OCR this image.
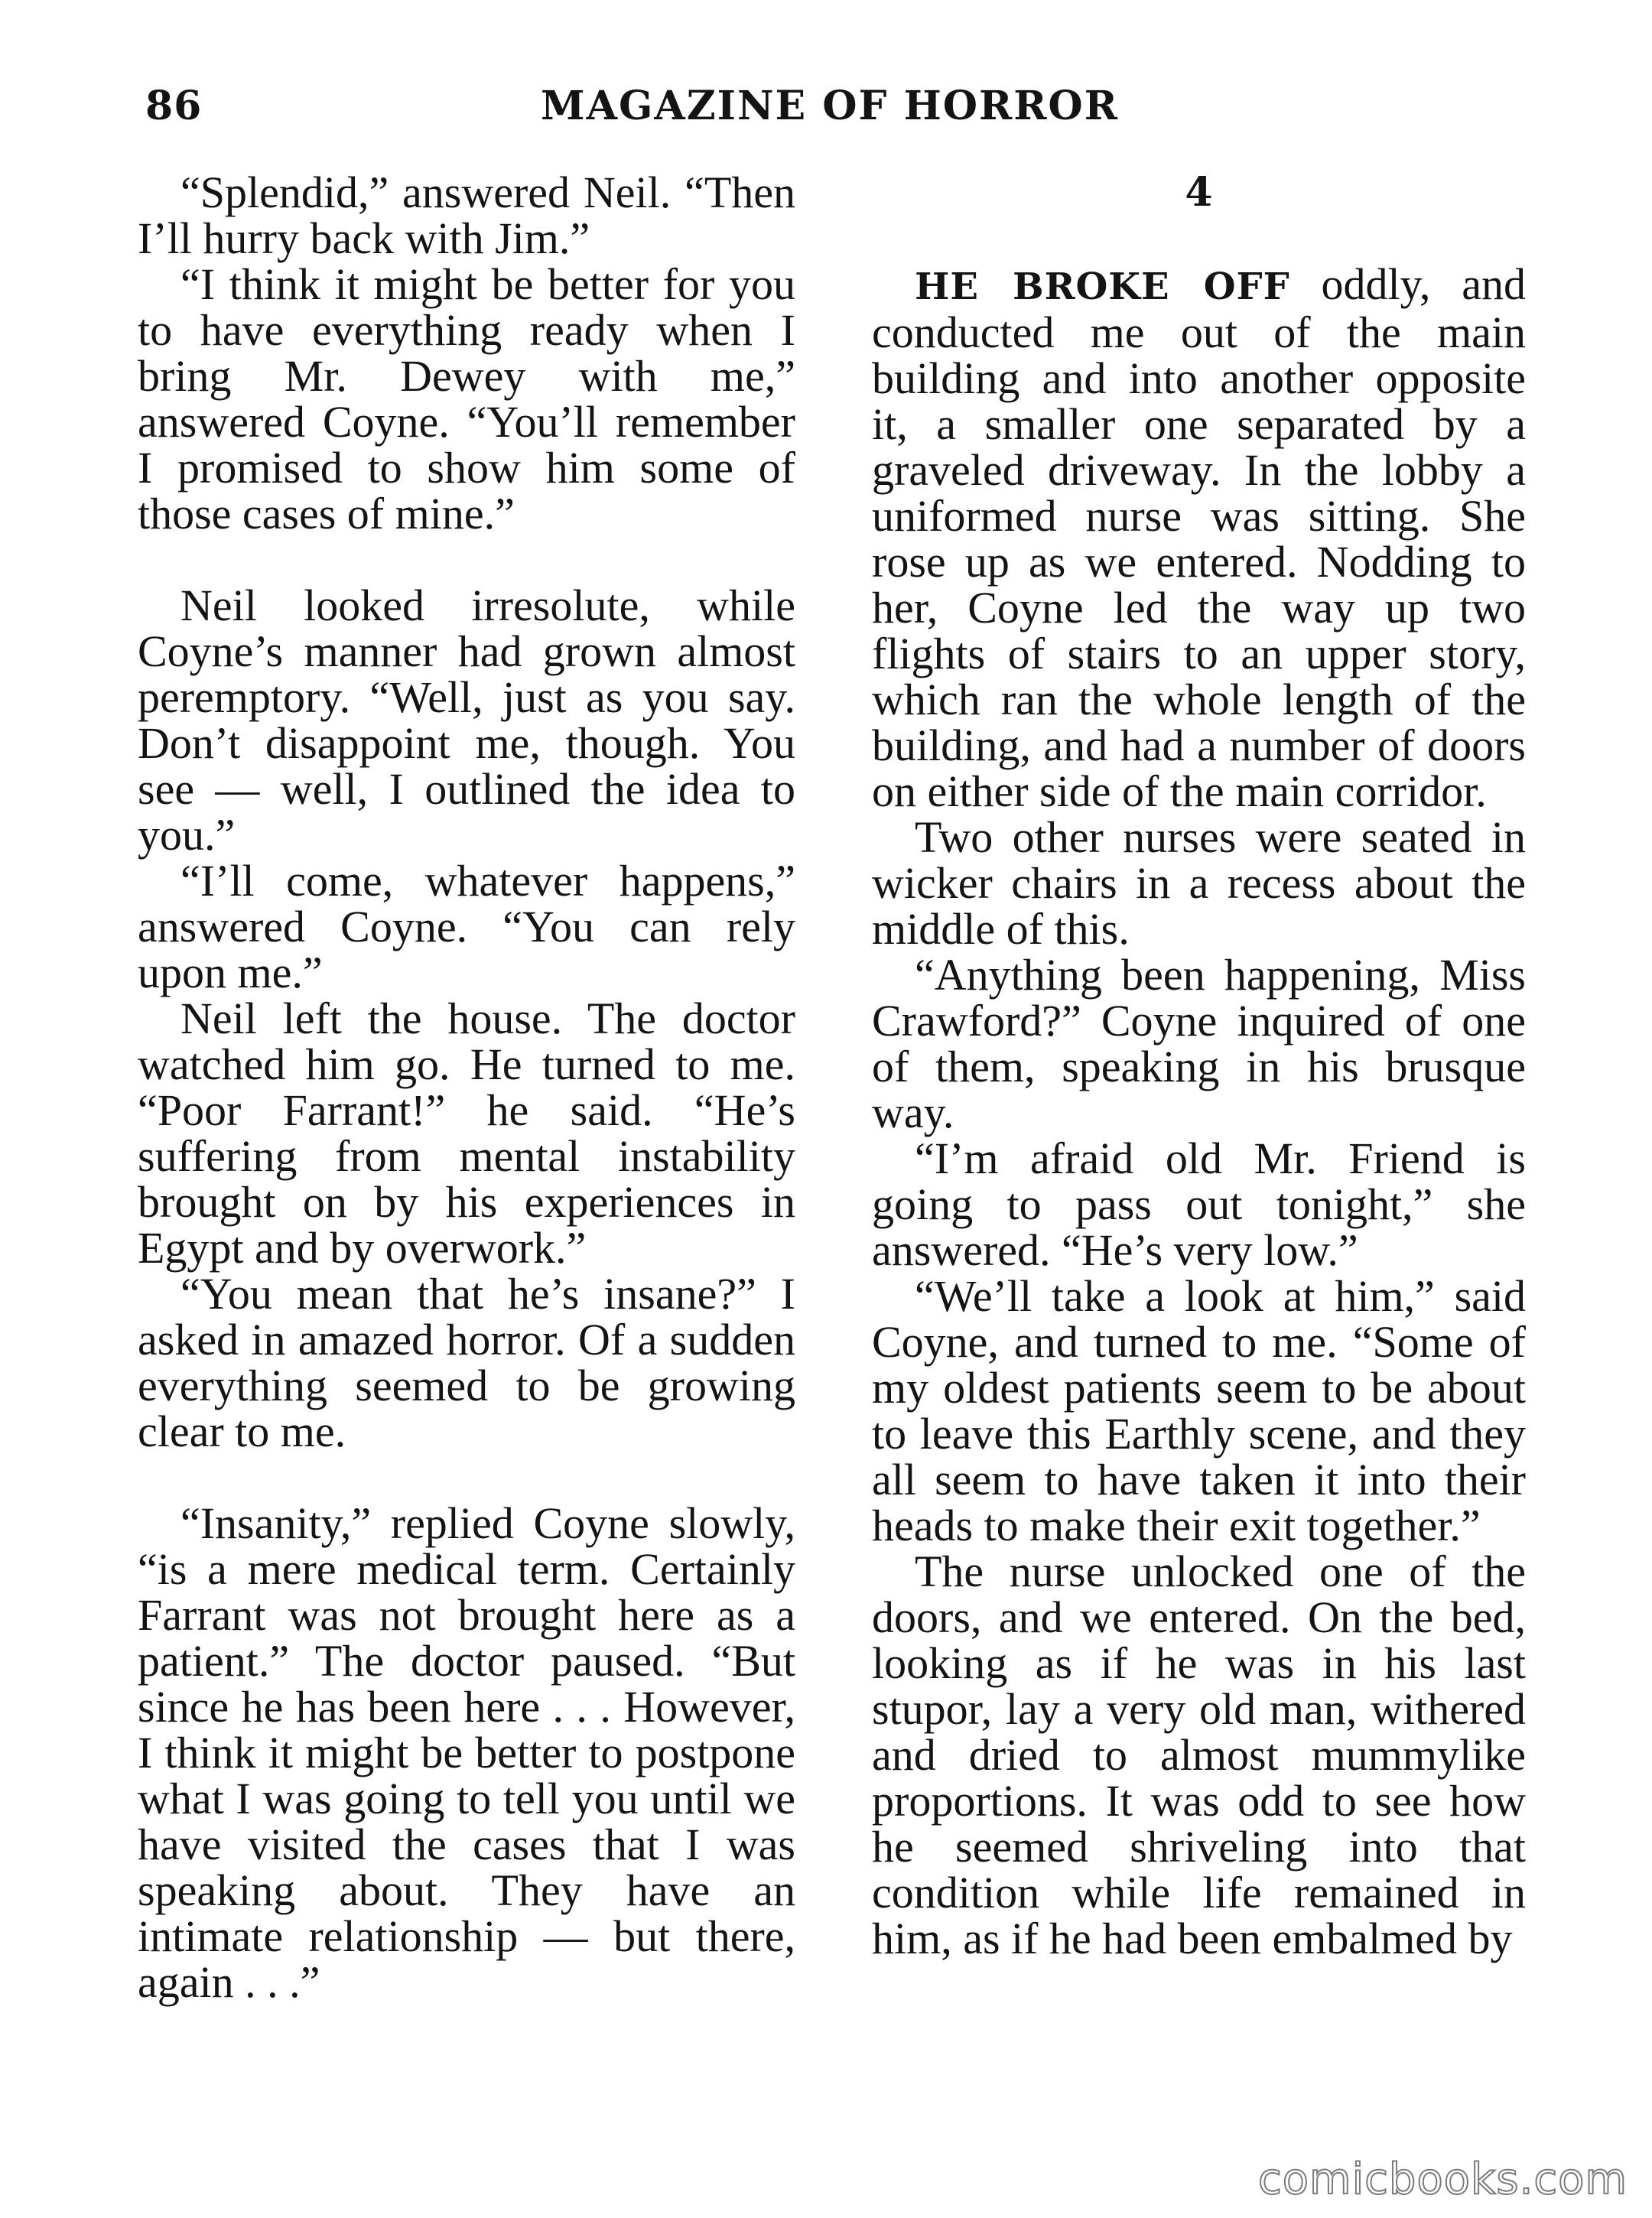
86	MAGAZINE OF HORROR

“Splendid,” answered Neil. “Then I’ll hurry back with Jim.”

“I think it might be better for you to have everything ready when I bring Mr. Dewey with me,” answered Coyne. “You’ll remember I promised to show him some of those cases of mine.”

Neil looked irresolute, while Coyne’s manner had grown almost peremptory. “Well, just as you say. Don’t disappoint me, though. You see — well, I outlined the idea to you.”

“I’ll come, whatever happens,” answered Coyne. “You can rely upon me.”

Neil left the house. The doctor watched him go. He turned to me. “Poor Farrant!” he said. “He’s suffering from mental instability brought on by his experiences in Egypt and by overwork.”

“You mean that he’s insane?” I asked in amazed horror. Of a sudden everything seemed to be growing clear to me.

“Insanity,” replied Coyne slowly, “is a mere medical term. Certainly Farrant was not brought here as a patient.” The doctor paused. “But since he has been here . . . However, I think it might be better to postpone what I was going to tell you until we have visited the cases that I was speaking about. They have an intimate relationship — but there, again . . .”

4

HE BROKE OFF oddly, and conducted me out of the main building and into another opposite it, a smaller one separated by a graveled driveway. In the lobby a uniformed nurse was sitting. She rose up as we entered. Nodding to her, Coyne led the way up two flights of stairs to an upper story, which ran the whole length of the building, and had a number of doors on either side of the main corridor.

Two other nurses were seated in wicker chairs in a recess about the middle of this.

“Anything been happening, Miss Crawford?” Coyne inquired of one of them, speaking in his brusque way.

“I’m afraid old Mr. Friend is going to pass out tonight,” she answered. “He’s very low.”

“We’ll take a look at him,” said Coyne, and turned to me. “Some of my oldest patients seem to be about to leave this Earthly scene, and they all seem to have taken it into their heads to make their exit together.”

The nurse unlocked one of the doors, and we entered. On the bed, looking as if he was in his last stupor, lay a very old man, withered and dried to almost mummylike proportions. It was odd to see how he seemed shriveling into that condition while life remained in him, as if he had been embalmed by

comicbooks.com
